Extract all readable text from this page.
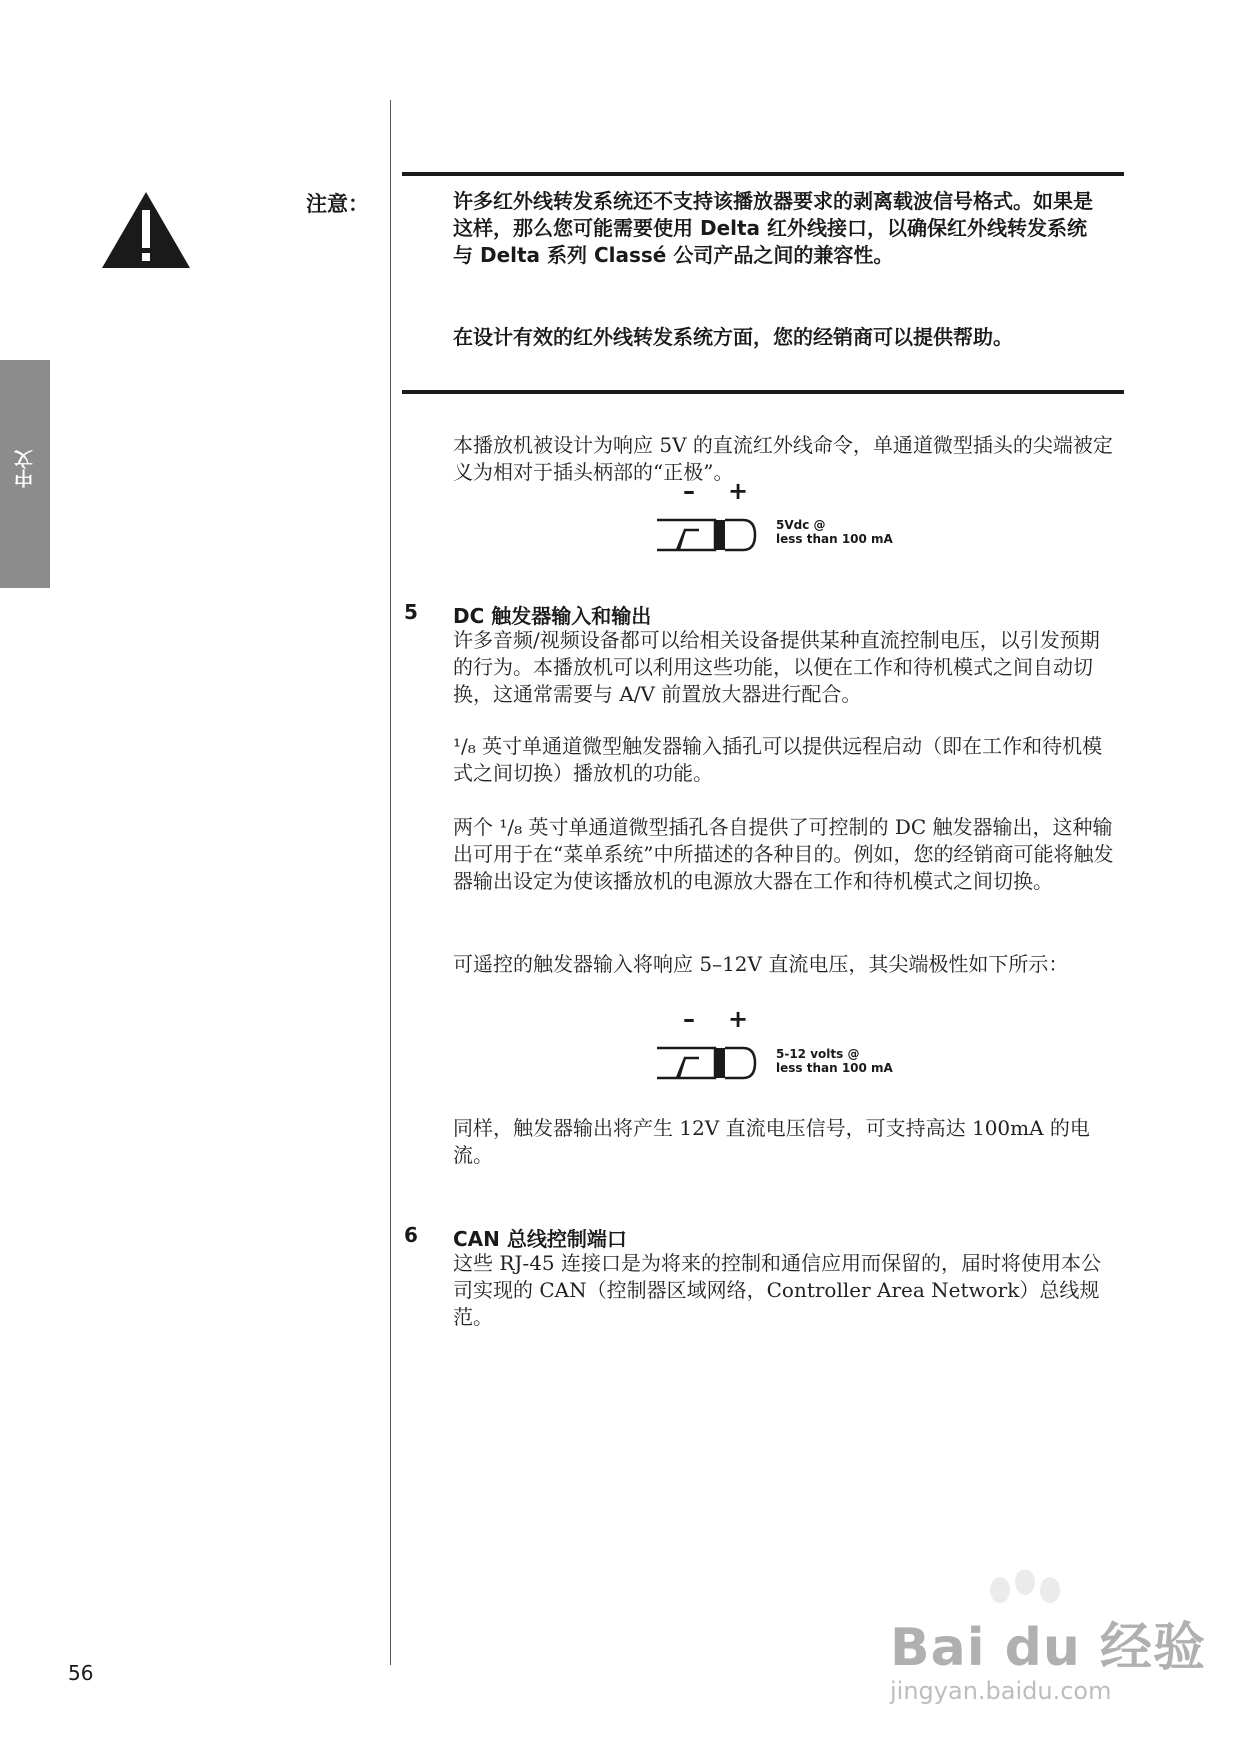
中文
注意：	许多红外线转发系统还不支持该播放器要求的剥离载波信号格式。如果是这样，那么您可能需要使用 Delta 红外线接口，以确保红外线转发系统与 Delta 系列 Classé 公司产品之间的兼容性。
在设计有效的红外线转发系统方面，您的经销商可以提供帮助。
本播放机被设计为响应 5V 的直流红外线命令，单通道微型插头的尖端被定义为相对于插头柄部的“正极”。
– +
5Vdc @
less than 100 mA
5 DC 触发器输入和输出
许多音频/视频设备都可以给相关设备提供某种直流控制电压，以引发预期的行为。本播放机可以利用这些功能，以便在工作和待机模式之间自动切换，这通常需要与 A/V 前置放大器进行配合。
¹/₈ 英寸单通道微型触发器输入插孔可以提供远程启动（即在工作和待机模式之间切换）播放机的功能。
两个 ¹/₈ 英寸单通道微型插孔各自提供了可控制的 DC 触发器输出，这种输出可用于在“菜单系统”中所描述的各种目的。例如，您的经销商可能将触发器输出设定为使该播放机的电源放大器在工作和待机模式之间切换。
可遥控的触发器输入将响应 5–12V 直流电压，其尖端极性如下所示：
– +
5-12 volts @
less than 100 mA
同样，触发器输出将产生 12V 直流电压信号，可支持高达 100mA 的电流。
6 CAN 总线控制端口
这些 RJ-45 连接口是为将来的控制和通信应用而保留的，届时将使用本公司实现的 CAN（控制器区域网络，Controller Area Network）总线规范。
56	Bai du 经验
jingyan.baidu.com
